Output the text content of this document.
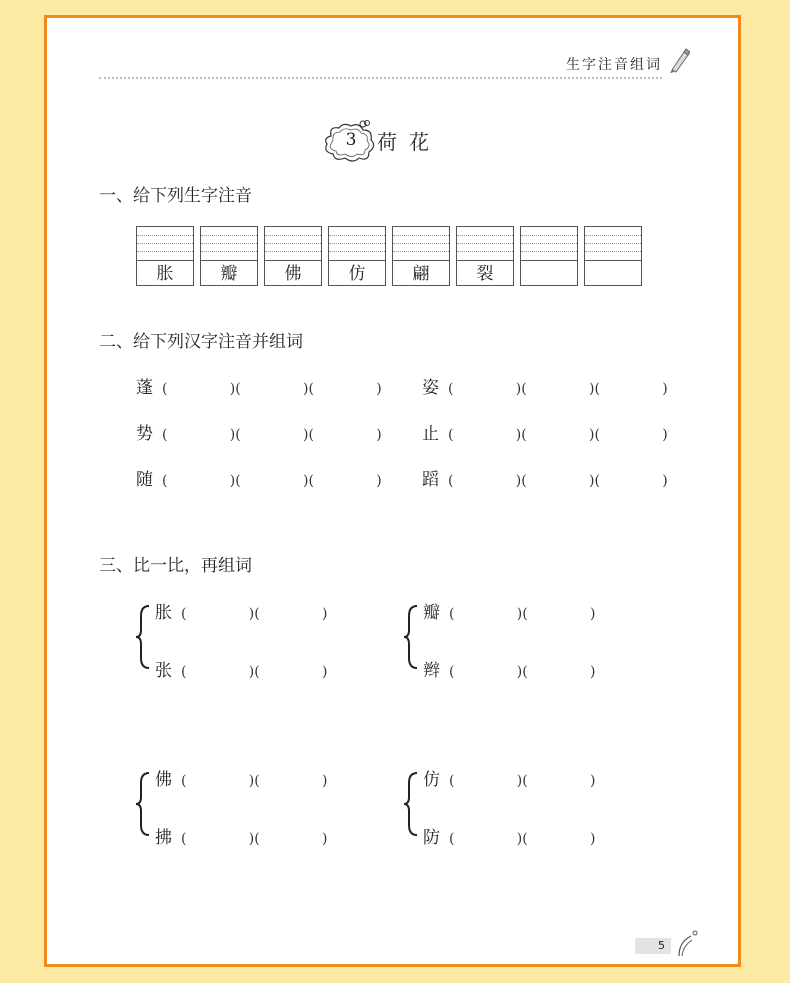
生字注音组词
3	荷花
一、给下列生字注音
胀	瓣	佛	仿	翩	裂
二、给下列汉字注音并组词
蓬 (              )(              )(              ) 姿 (              )(              )(              )
势 (              )(              )(              ) 止 (              )(              )(              )
随 (              )(              )(              ) 蹈 (              )(              )(              )
三、比一比，再组词
胀 (              )(              )
张 (              )(              )
瓣 (              )(              )
辫 (              )(              )
佛 (              )(              )
拂 (              )(              )
仿 (              )(              )
防 (              )(              )
5
